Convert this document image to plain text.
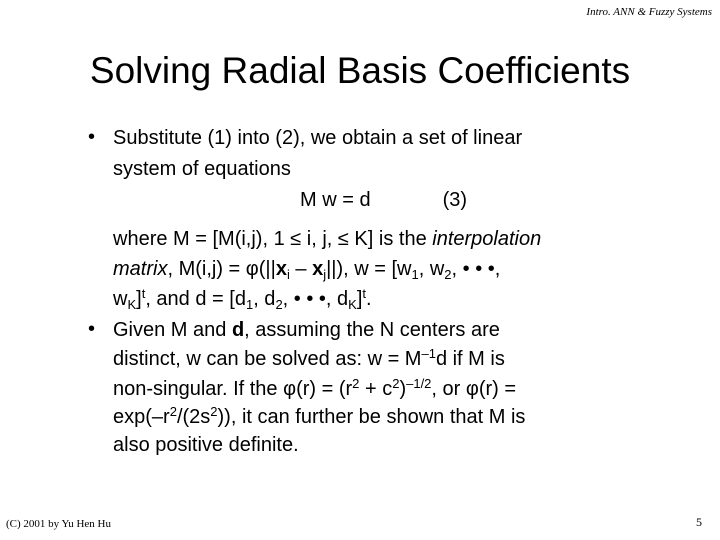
Intro. ANN & Fuzzy Systems
Solving Radial Basis Coefficients
• Substitute (1) into (2), we obtain a set of linear
system of equations
M w = d	(3)
where M = [M(i,j), 1 ≤ i, j, ≤ K] is the interpolation
matrix, $M(i,j) = \varphi(||x_i - x_j||)$, $w = [w_1$, $w_2$, • • •,
$w_K]^t$, and $d = [d_1$, $d_2$, • • •, $d_K]^t$.
• Given M and d, assuming the N centers are
distinct, w can be solved as: $w = M^{-1}d$ if M is
non-singular. If the $\varphi(r) = (r^2 + c^2)^{-1/2}$, or φ(r) =
$\exp(-r^2/(2s^2))$, it can further be shown that M is
also positive definite.
(C) 2001 by Yu Hen Hu	5
